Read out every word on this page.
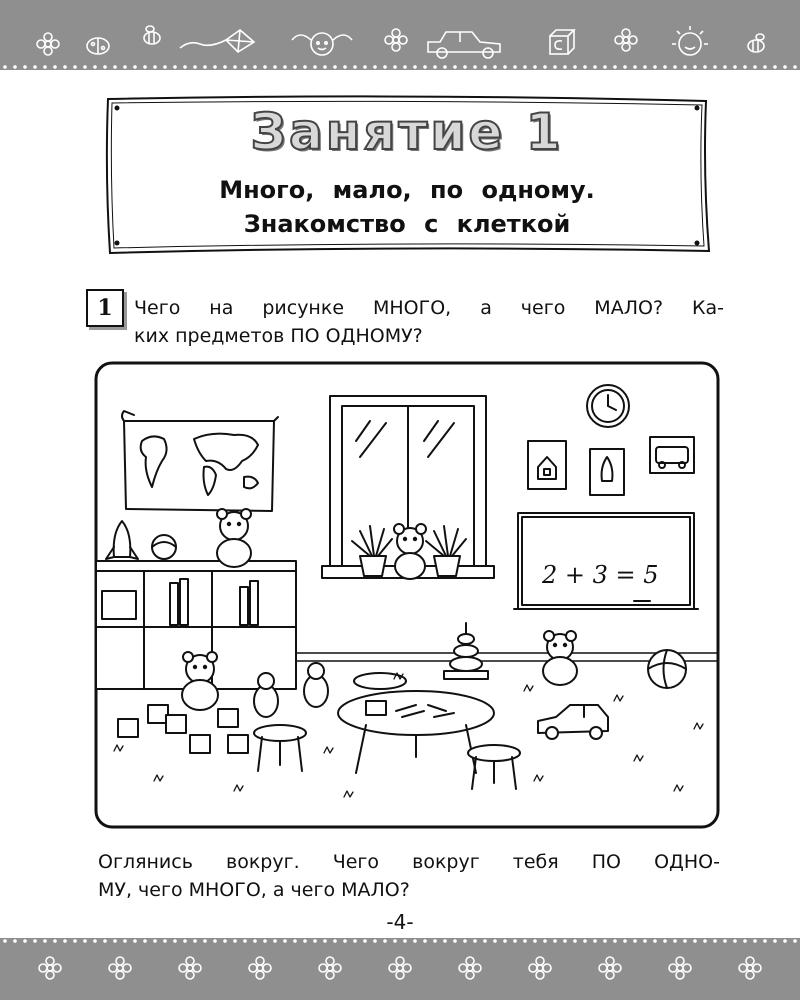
Занятие 1
Много, мало, по одному.
Знакомство с клеткой
1	Чего на рисунке МНОГО, а чего МАЛО? Ка-
ких предметов ПО ОДНОМУ?
2 + 3 = 5
Оглянись вокруг. Чего вокруг тебя ПО ОДНО-
МУ, чего МНОГО, а чего МАЛО?
-4-
